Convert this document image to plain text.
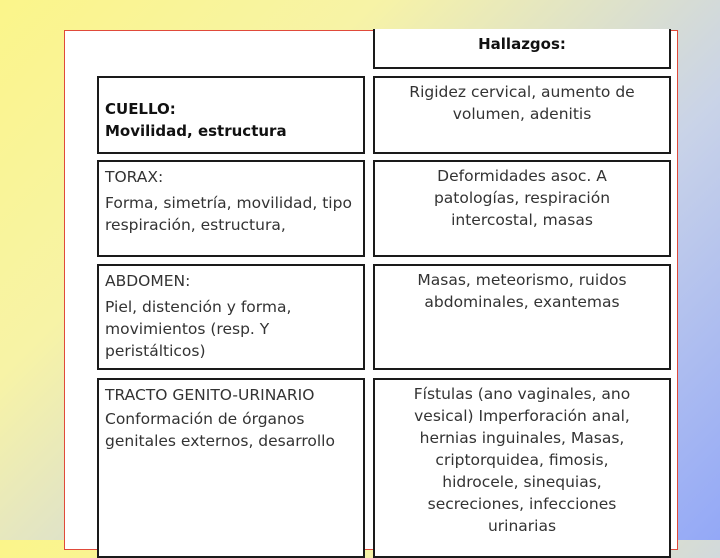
Hallazgos:
CUELLO:
Movilidad, estructura
Rigidez cervical, aumento de
volumen, adenitis
TORAX:
Forma, simetría, movilidad, tipo
respiración, estructura,
Deformidades asoc. A
patologías, respiración
intercostal, masas
ABDOMEN:
Piel, distención y forma,
movimientos (resp. Y
peristálticos)
Masas, meteorismo, ruidos
abdominales, exantemas
TRACTO GENITO-URINARIO
Conformación de órganos
genitales externos, desarrollo
Fístulas (ano vaginales, ano
vesical) Imperforación anal,
hernias inguinales, Masas,
criptorquidea, fimosis,
hidrocele, sinequias,
secreciones, infecciones
urinarias
